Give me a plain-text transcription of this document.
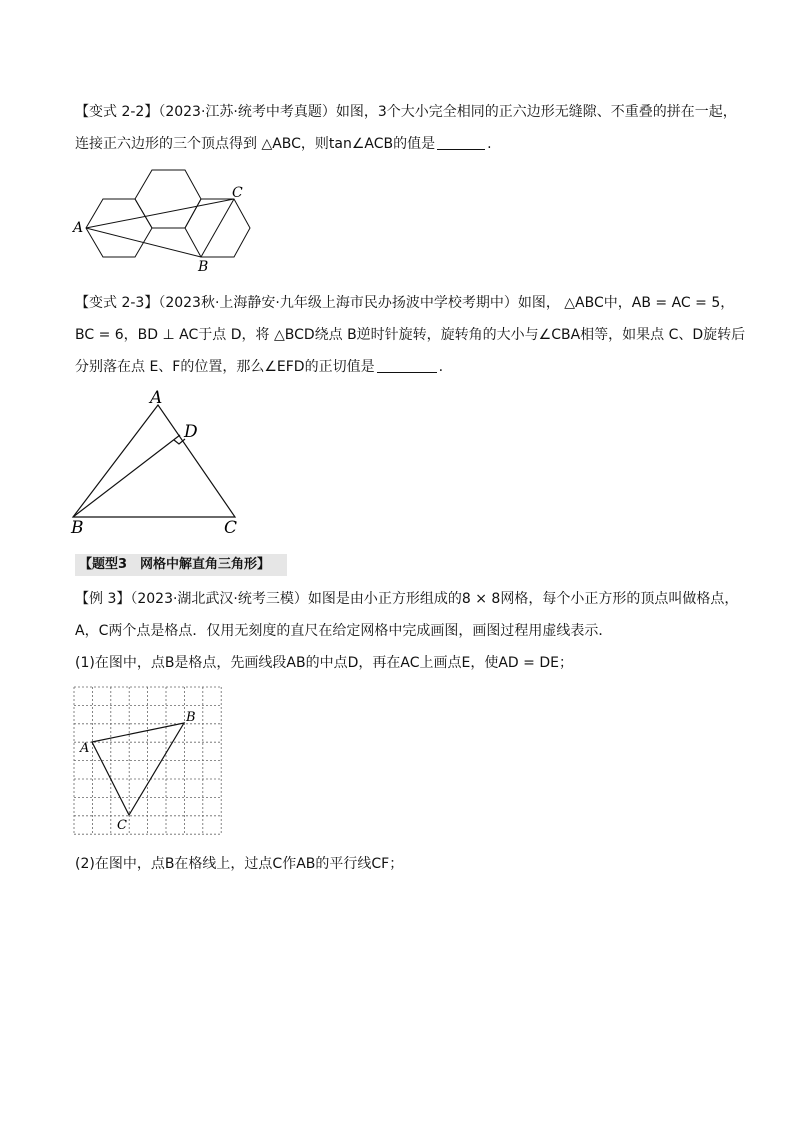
【变式 2-2】（2023·江苏·统考中考真题）如图，3个大小完全相同的正六边形无缝隙、不重叠的拼在一起，
连接正六边形的三个顶点得到 △ABC，则tan∠ACB的值是	.
A
B
C
【变式 2-3】（2023秋·上海静安·九年级上海市民办扬波中学校考期中）如图， △ABC中，AB = AC = 5，
BC = 6，BD ⊥ AC于点 D，将 △BCD绕点 B逆时针旋转，旋转角的大小与∠CBA相等，如果点 C、D旋转后
分别落在点 E、F的位置，那么∠EFD的正切值是	.
A
D
B	C
【题型3　网格中解直角三角形】
【例 3】（2023·湖北武汉·统考三模）如图是由小正方形组成的8 × 8网格，每个小正方形的顶点叫做格点，
A，C两个点是格点．仅用无刻度的直尺在给定网格中完成画图，画图过程用虚线表示．
(1)在图中，点B是格点，先画线段AB的中点D，再在AC上画点E，使AD = DE；
A
B
C
(2)在图中，点B在格线上，过点C作AB的平行线CF；
